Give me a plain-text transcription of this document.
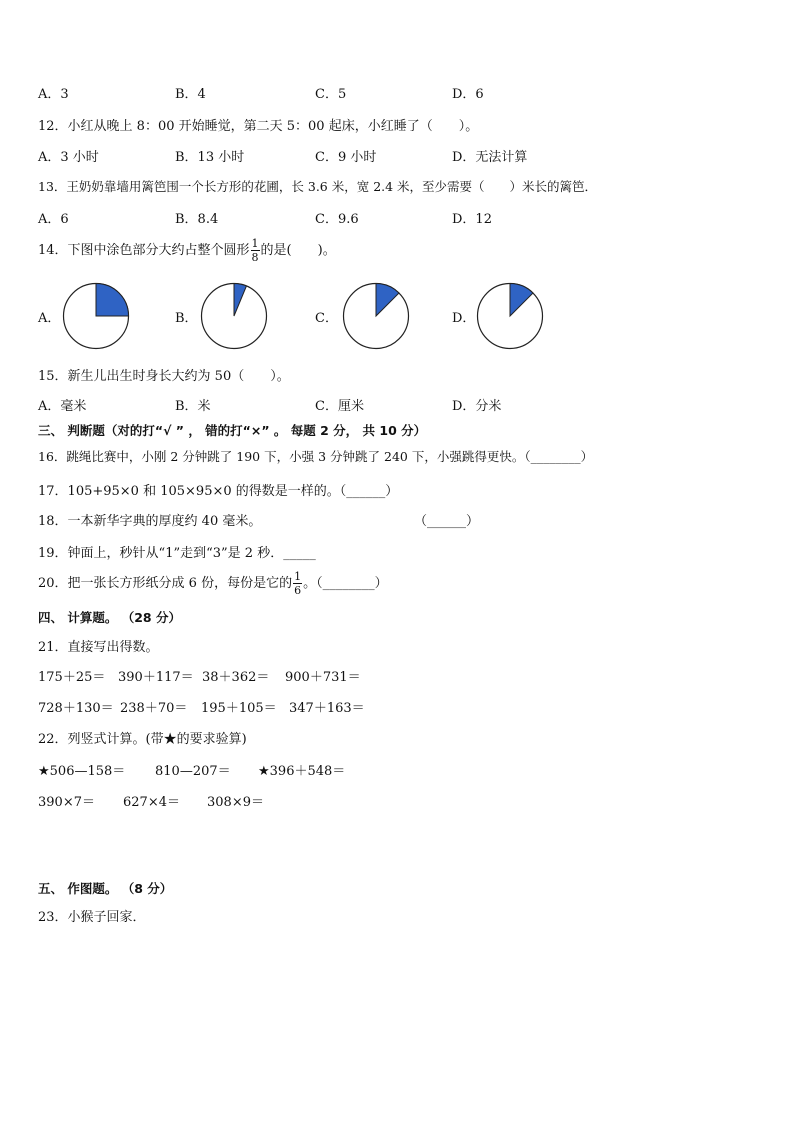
A．3	B．4	C．5	D．6
12．小红从晚上 8：00 开始睡觉，第二天 5：00 起床，小红睡了（　　）。
A．3 小时	B．13 小时	C．9 小时	D．无法计算
13．王奶奶靠墙用篱笆围一个长方形的花圃，长 3.6 米，宽 2.4 米，至少需要（　　）米长的篱笆．
A．6	B．8.4	C．9.6	D．12
14．下图中涂色部分大约占整个圆形 $\frac{1}{8}$ 的是(　　)。
A．	B．	C．	D．
15．新生儿出生时身长大约为 50（　　）。
A．毫米	B．米	C．厘米	D．分米
三、 判断题（对的打“√ ” ， 错的打“×” 。 每题 2 分， 共 10 分）
16．跳绳比赛中，小刚 2 分钟跳了 190 下，小强 3 分钟跳了 240 下，小强跳得更快。（________）
17．105+95×0 和 105×95×0 的得数是一样的。（______）
18．一本新华字典的厚度约 40 毫米。	（______）
19．钟面上，秒针从“1”走到“3”是 2 秒．_____
20．把一张长方形纸分成 6 份，每份是它的 $\frac{1}{6}$ 。（________）
四、 计算题。 （28 分）
21．直接写出得数。
175＋25＝ 390＋117＝ 38＋362＝ 900＋731＝
728＋130＝ 238＋70＝ 195＋105＝ 347＋163＝
22．列竖式计算。(带★的要求验算)
★506—158＝ 810—207＝ ★396＋548＝
390×7＝ 627×4＝ 308×9＝
五、 作图题。 （8 分）
23．小猴子回家．
